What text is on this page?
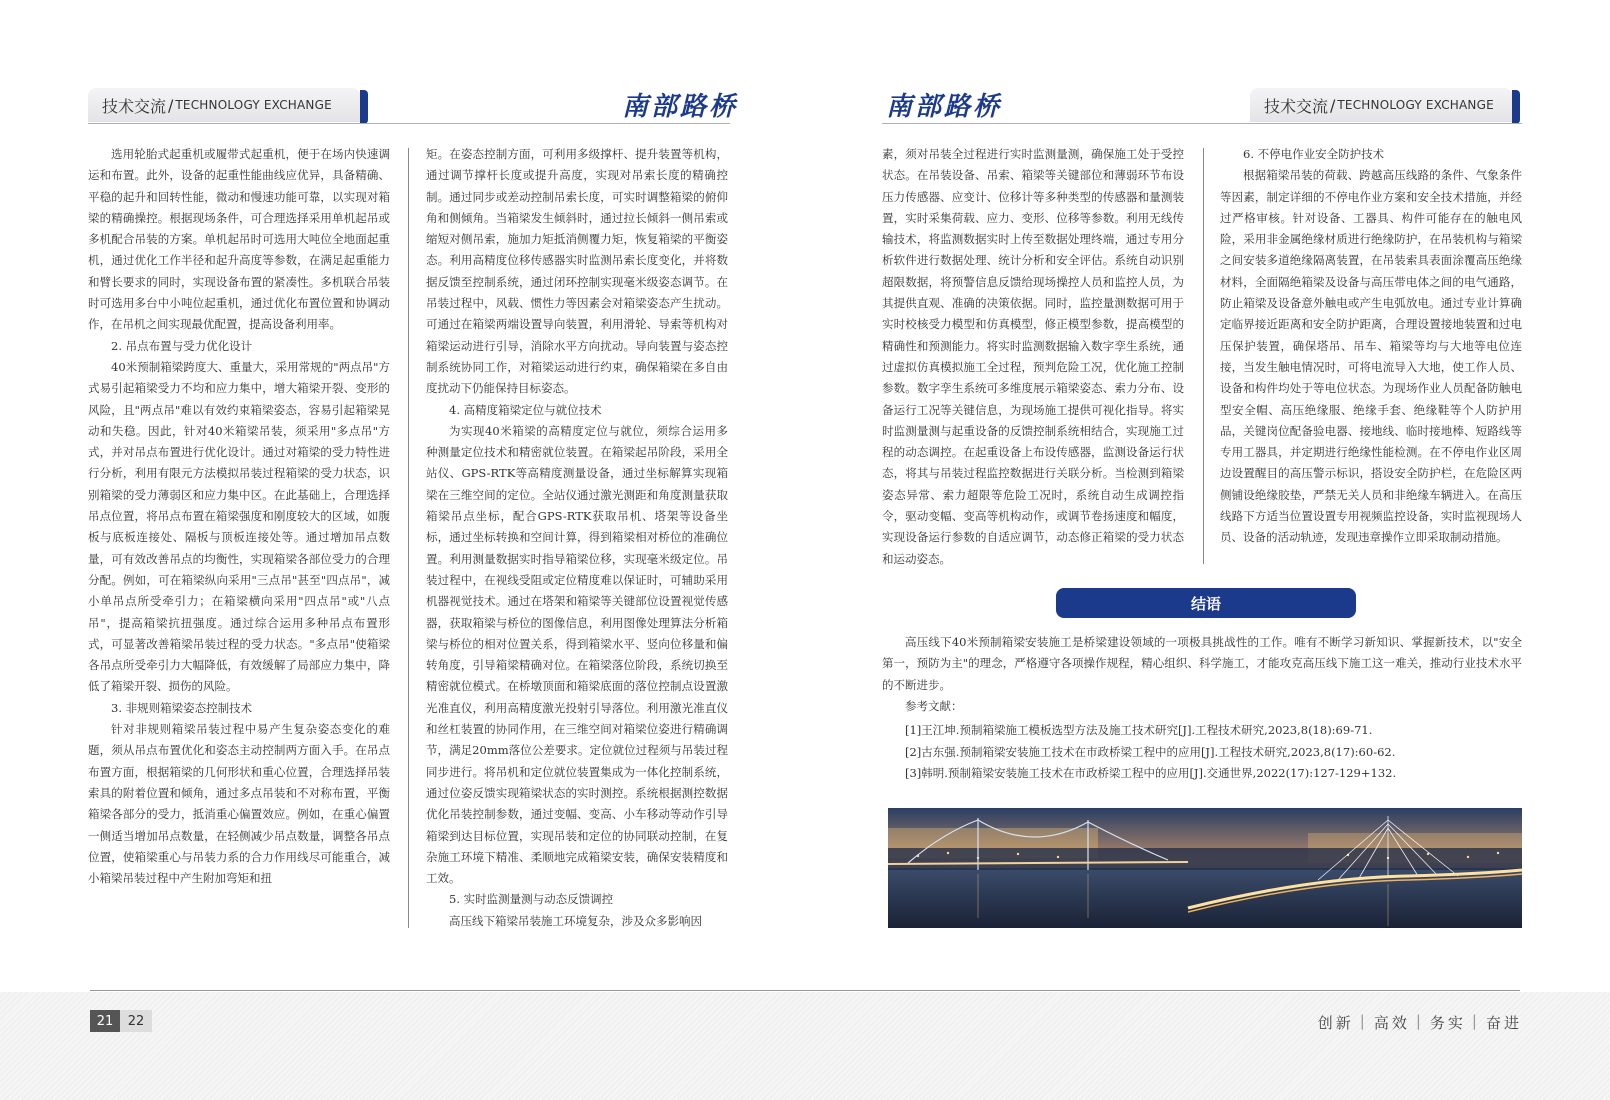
技术交流 / TECHNOLOGY EXCHANGE	南部路桥

选用轮胎式起重机或履带式起重机，便于在场内快速调运和布置。此外，设备的起重性能曲线应优异，具备精确、平稳的起升和回转性能，微动和慢速功能可靠，以实现对箱梁的精确操控。根据现场条件，可合理选择采用单机起吊或多机配合吊装的方案。单机起吊时可选用大吨位全地面起重机，通过优化工作半径和起升高度等参数，在满足起重能力和臂长要求的同时，实现设备布置的紧凑性。多机联合吊装时可选用多台中小吨位起重机，通过优化布置位置和协调动作，在吊机之间实现最优配置，提高设备利用率。

2. 吊点布置与受力优化设计

40米预制箱梁跨度大、重量大，采用常规的"两点吊"方式易引起箱梁受力不均和应力集中，增大箱梁开裂、变形的风险，且"两点吊"难以有效约束箱梁姿态，容易引起箱梁晃动和失稳。因此，针对40米箱梁吊装，须采用"多点吊"方式，并对吊点布置进行优化设计。通过对箱梁的受力特性进行分析，利用有限元方法模拟吊装过程箱梁的受力状态，识别箱梁的受力薄弱区和应力集中区。在此基础上，合理选择吊点位置，将吊点布置在箱梁强度和刚度较大的区域，如腹板与底板连接处、隔板与顶板连接处等。通过增加吊点数量，可有效改善吊点的均衡性，实现箱梁各部位受力的合理分配。例如，可在箱梁纵向采用"三点吊"甚至"四点吊"，减小单吊点所受牵引力；在箱梁横向采用"四点吊"或"八点吊"，提高箱梁抗扭强度。通过综合运用多种吊点布置形式，可显著改善箱梁吊装过程的受力状态。"多点吊"使箱梁各吊点所受牵引力大幅降低，有效缓解了局部应力集中，降低了箱梁开裂、损伤的风险。

3. 非规则箱梁姿态控制技术

针对非规则箱梁吊装过程中易产生复杂姿态变化的难题，须从吊点布置优化和姿态主动控制两方面入手。在吊点布置方面，根据箱梁的几何形状和重心位置，合理选择吊装索具的附着位置和倾角，通过多点吊装和不对称布置，平衡箱梁各部分的受力，抵消重心偏置效应。例如，在重心偏置一侧适当增加吊点数量，在轻侧减少吊点数量，调整各吊点位置，使箱梁重心与吊装力系的合力作用线尽可能重合，减小箱梁吊装过程中产生附加弯矩和扭

矩。在姿态控制方面，可利用多级撑杆、提升装置等机构，通过调节撑杆长度或提升高度，实现对吊索长度的精确控制。通过同步或差动控制吊索长度，可实时调整箱梁的俯仰角和侧倾角。当箱梁发生倾斜时，通过拉长倾斜一侧吊索或缩短对侧吊索，施加力矩抵消侧覆力矩，恢复箱梁的平衡姿态。利用高精度位移传感器实时监测吊索长度变化，并将数据反馈至控制系统，通过闭环控制实现毫米级姿态调节。在吊装过程中，风载、惯性力等因素会对箱梁姿态产生扰动。可通过在箱梁两端设置导向装置，利用滑轮、导索等机构对箱梁运动进行引导，消除水平方向扰动。导向装置与姿态控制系统协同工作，对箱梁运动进行约束，确保箱梁在多自由度扰动下仍能保持目标姿态。

4. 高精度箱梁定位与就位技术

为实现40米箱梁的高精度定位与就位，须综合运用多种测量定位技术和精密就位装置。在箱梁起吊阶段，采用全站仪、GPS-RTK等高精度测量设备，通过坐标解算实现箱梁在三维空间的定位。全站仪通过激光测距和角度测量获取箱梁吊点坐标，配合GPS-RTK获取吊机、塔架等设备坐标，通过坐标转换和空间计算，得到箱梁相对桥位的准确位置。利用测量数据实时指导箱梁位移，实现毫米级定位。吊装过程中，在视线受阻或定位精度难以保证时，可辅助采用机器视觉技术。通过在塔架和箱梁等关键部位设置视觉传感器，获取箱梁与桥位的图像信息，利用图像处理算法分析箱梁与桥位的相对位置关系，得到箱梁水平、竖向位移量和偏转角度，引导箱梁精确对位。在箱梁落位阶段，系统切换至精密就位模式。在桥墩顶面和箱梁底面的落位控制点设置激光准直仪，利用高精度激光投射引导落位。利用激光准直仪和丝杠装置的协同作用，在三维空间对箱梁位姿进行精确调节，满足20mm落位公差要求。定位就位过程须与吊装过程同步进行。将吊机和定位就位装置集成为一体化控制系统，通过位姿反馈实现箱梁状态的实时测控。系统根据测控数据优化吊装控制参数，通过变幅、变高、小车移动等动作引导箱梁到达目标位置，实现吊装和定位的协同联动控制，在复杂施工环境下精准、柔顺地完成箱梁安装，确保安装精度和工效。

5. 实时监测量测与动态反馈调控

高压线下箱梁吊装施工环境复杂，涉及众多影响因

南部路桥	技术交流 / TECHNOLOGY EXCHANGE

素，须对吊装全过程进行实时监测量测，确保施工处于受控状态。在吊装设备、吊索、箱梁等关键部位和薄弱环节布设压力传感器、应变计、位移计等多种类型的传感器和量测装置，实时采集荷载、应力、变形、位移等参数。利用无线传输技术，将监测数据实时上传至数据处理终端，通过专用分析软件进行数据处理、统计分析和安全评估。系统自动识别超限数据，将预警信息反馈给现场操控人员和监控人员，为其提供直观、准确的决策依据。同时，监控量测数据可用于实时校核受力模型和仿真模型，修正模型参数，提高模型的精确性和预测能力。将实时监测数据输入数字孪生系统，通过虚拟仿真模拟施工全过程，预判危险工况，优化施工控制参数。数字孪生系统可多维度展示箱梁姿态、索力分布、设备运行工况等关键信息，为现场施工提供可视化指导。将实时监测量测与起重设备的反馈控制系统相结合，实现施工过程的动态调控。在起重设备上布设传感器，监测设备运行状态，将其与吊装过程监控数据进行关联分析。当检测到箱梁姿态异常、索力超限等危险工况时，系统自动生成调控指令，驱动变幅、变高等机构动作，或调节卷扬速度和幅度，实现设备运行参数的自适应调节，动态修正箱梁的受力状态和运动姿态。

6. 不停电作业安全防护技术

根据箱梁吊装的荷载、跨越高压线路的条件、气象条件等因素，制定详细的不停电作业方案和安全技术措施，并经过严格审核。针对设备、工器具、构件可能存在的触电风险，采用非金属绝缘材质进行绝缘防护，在吊装机构与箱梁之间安装多道绝缘隔离装置，在吊装索具表面涂覆高压绝缘材料，全面隔绝箱梁及设备与高压带电体之间的电气通路，防止箱梁及设备意外触电或产生电弧放电。通过专业计算确定临界接近距离和安全防护距离，合理设置接地装置和过电压保护装置，确保塔吊、吊车、箱梁等均与大地等电位连接，当发生触电情况时，可将电流导入大地，使工作人员、设备和构件均处于等电位状态。为现场作业人员配备防触电型安全帽、高压绝缘服、绝缘手套、绝缘鞋等个人防护用品，关键岗位配备验电器、接地线、临时接地棒、短路线等专用工器具，并定期进行绝缘性能检测。在不停电作业区周边设置醒目的高压警示标识，搭设安全防护栏，在危险区两侧铺设绝缘胶垫，严禁无关人员和非绝缘车辆进入。在高压线路下方适当位置设置专用视频监控设备，实时监视现场人员、设备的活动轨迹，发现违章操作立即采取制动措施。

结语

高压线下40米预制箱梁安装施工是桥梁建设领域的一项极具挑战性的工作。唯有不断学习新知识、掌握新技术，以"安全第一，预防为主"的理念，严格遵守各项操作规程，精心组织、科学施工，才能攻克高压线下施工这一难关，推动行业技术水平的不断进步。

参考文献：
[1]王江坤.预制箱梁施工模板选型方法及施工技术研究[J].工程技术研究,2023,8(18):69-71.
[2]古东强.预制箱梁安装施工技术在市政桥梁工程中的应用[J].工程技术研究,2023,8(17):60-62.
[3]韩明.预制箱梁安装施工技术在市政桥梁工程中的应用[J].交通世界,2022(17):127-129+132.
21	22	创新 | 高效 | 务实 | 奋进
